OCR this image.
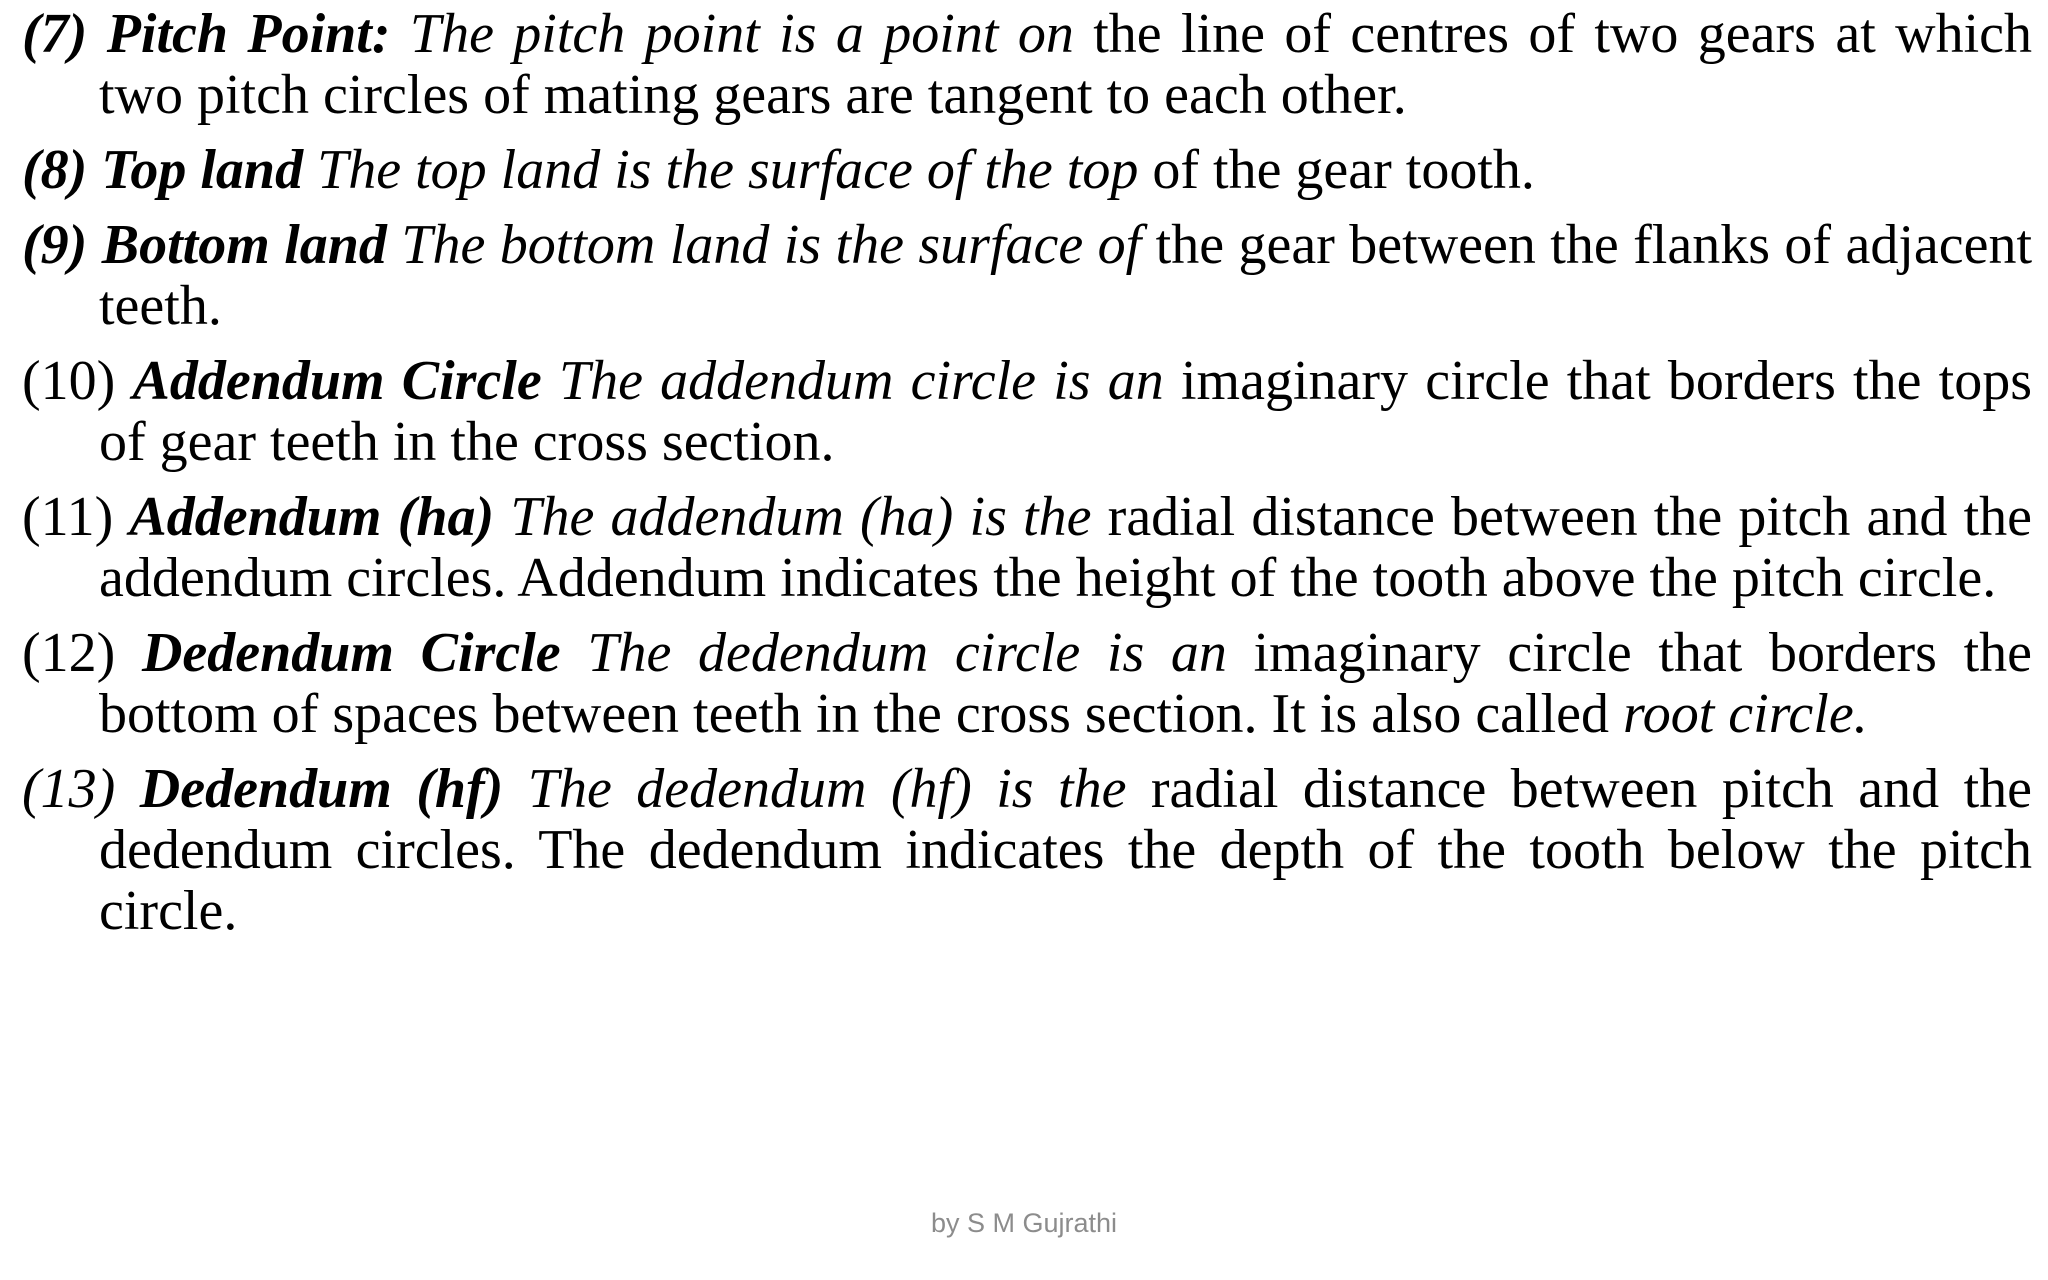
(7) Pitch Point: The pitch point is a point on the line of centres of two gears at which two pitch circles of mating gears are tangent to each other.

(8) Top land The top land is the surface of the top of the gear tooth.

(9) Bottom land The bottom land is the surface of the gear between the flanks of adjacent teeth.

(10) Addendum Circle The addendum circle is an imaginary circle that borders the tops of gear teeth in the cross section.

(11) Addendum (ha) The addendum (ha) is the radial distance between the pitch and the addendum circles. Addendum indicates the height of the tooth above the pitch circle.

(12) Dedendum Circle The dedendum circle is an imaginary circle that borders the bottom of spaces between teeth in the cross section. It is also called root circle.

(13) Dedendum (hf) The dedendum (hf) is the radial distance between pitch and the dedendum circles. The dedendum indicates the depth of the tooth below the pitch circle.

by S M Gujrathi
